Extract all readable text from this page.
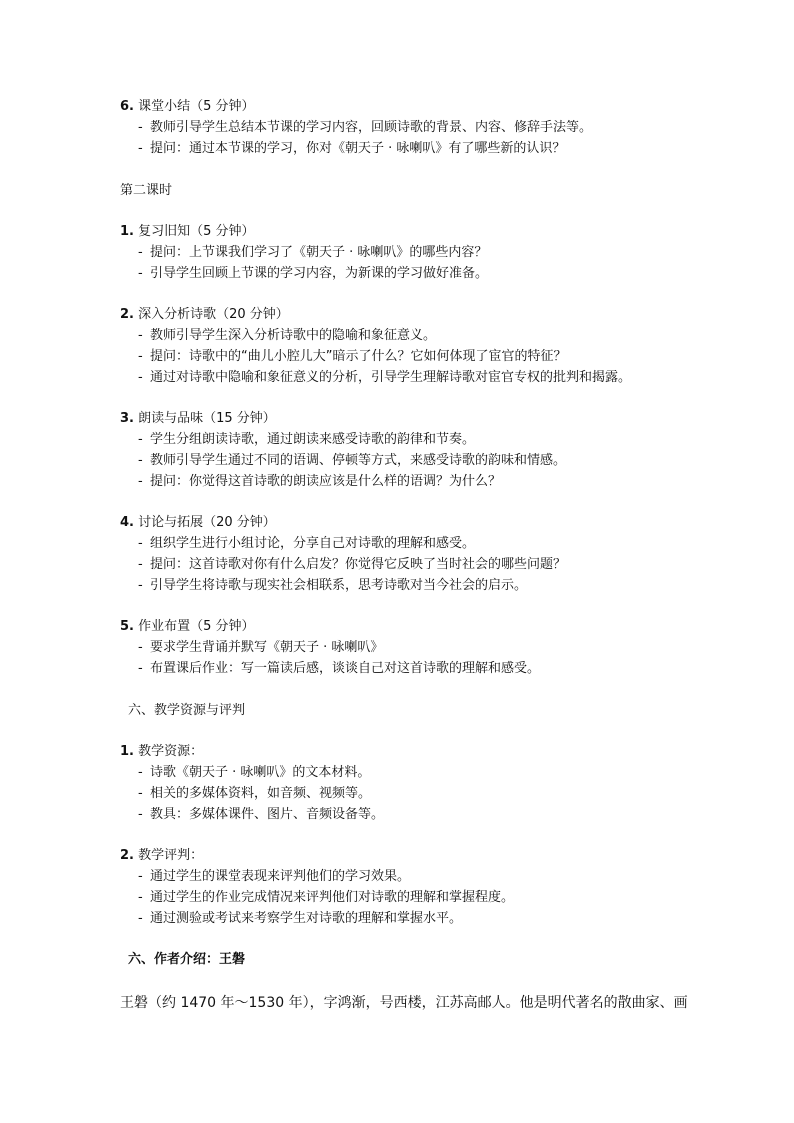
6. 课堂小结（5 分钟）
- 教师引导学生总结本节课的学习内容，回顾诗歌的背景、内容、修辞手法等。
- 提问：通过本节课的学习，你对《朝天子 · 咏喇叭》有了哪些新的认识？
第二课时
1. 复习旧知（5 分钟）
- 提问：上节课我们学习了《朝天子 · 咏喇叭》的哪些内容？
- 引导学生回顾上节课的学习内容，为新课的学习做好准备。
2. 深入分析诗歌（20 分钟）
- 教师引导学生深入分析诗歌中的隐喻和象征意义。
- 提问：诗歌中的“曲儿小腔儿大”暗示了什么？它如何体现了宦官的特征？
- 通过对诗歌中隐喻和象征意义的分析，引导学生理解诗歌对宦官专权的批判和揭露。
3. 朗读与品味（15 分钟）
- 学生分组朗读诗歌，通过朗读来感受诗歌的韵律和节奏。
- 教师引导学生通过不同的语调、停顿等方式，来感受诗歌的韵味和情感。
- 提问：你觉得这首诗歌的朗读应该是什么样的语调？为什么？
4. 讨论与拓展（20 分钟）
- 组织学生进行小组讨论，分享自己对诗歌的理解和感受。
- 提问：这首诗歌对你有什么启发？你觉得它反映了当时社会的哪些问题？
- 引导学生将诗歌与现实社会相联系，思考诗歌对当今社会的启示。
5. 作业布置（5 分钟）
- 要求学生背诵并默写《朝天子 · 咏喇叭》
- 布置课后作业：写一篇读后感，谈谈自己对这首诗歌的理解和感受。
六、教学资源与评判
1. 教学资源：
- 诗歌《朝天子 · 咏喇叭》的文本材料。
- 相关的多媒体资料，如音频、视频等。
- 教具：多媒体课件、图片、音频设备等。
2. 教学评判：
- 通过学生的课堂表现来评判他们的学习效果。
- 通过学生的作业完成情况来评判他们对诗歌的理解和掌握程度。
- 通过测验或考试来考察学生对诗歌的理解和掌握水平。
六、作者介绍：王磐
王磐（约 1470 年～1530 年），字鸿渐，号西楼，江苏高邮人。他是明代著名的散曲家、画
